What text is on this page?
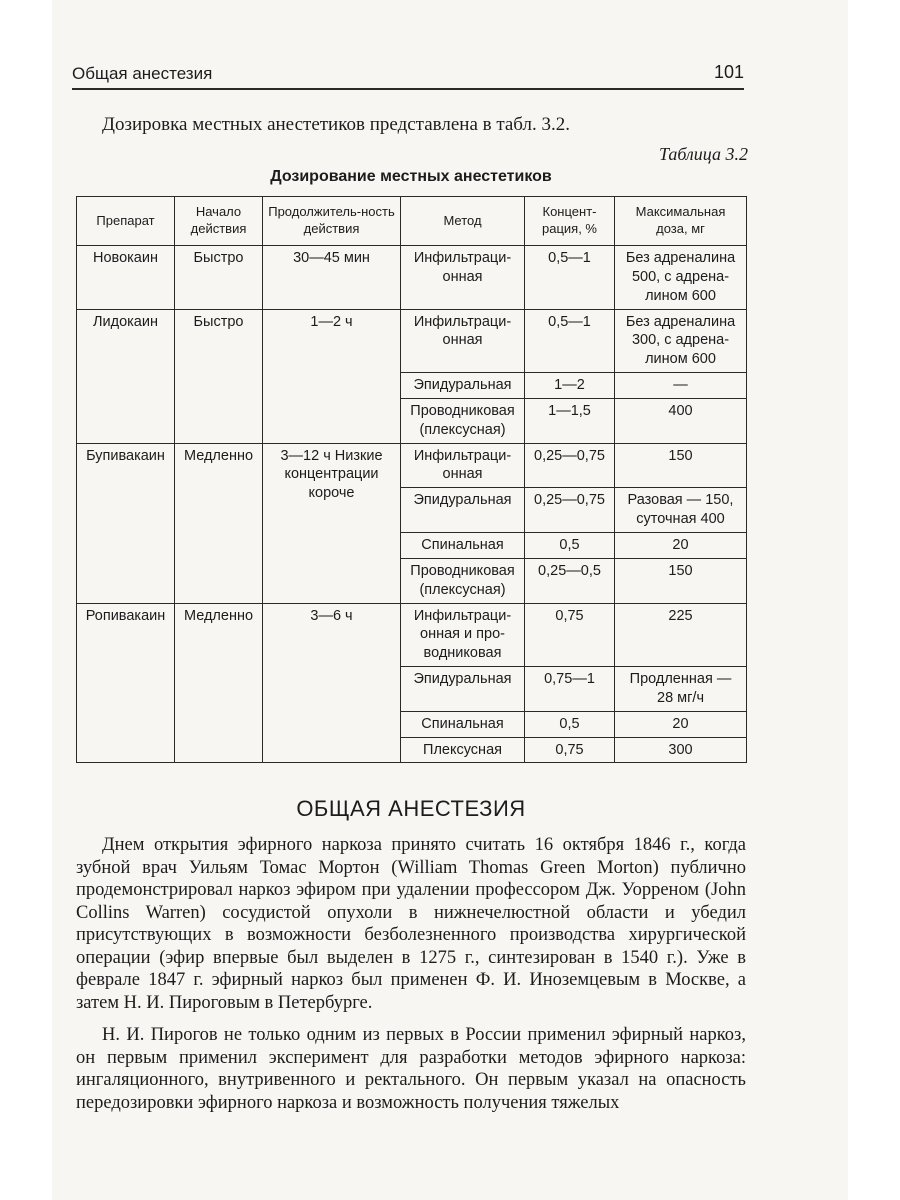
Общая анестезия	101
Дозировка местных анестетиков представлена в табл. 3.2.
Таблица 3.2
Дозирование местных анестетиков
Препарат	Начало действия	Продолжитель-ность действия	Метод	Концент-рация, %	Максимальная доза, мг
Новокаин	Быстро	30—45 мин	Инфильтраци-онная	0,5—1	Без адреналина 500, с адрена-лином 600
Лидокаин	Быстро	1—2 ч	Инфильтраци-онная	0,5—1	Без адреналина 300, с адрена-лином 600
			Эпидуральная	1—2	—
			Проводниковая (плексусная)	1—1,5	400
Бупивакаин	Медленно	3—12 ч Низкие концентрации короче	Инфильтраци-онная	0,25—0,75	150
			Эпидуральная	0,25—0,75	Разовая — 150, суточная 400
			Спинальная	0,5	20
			Проводниковая (плексусная)	0,25—0,5	150
Ропивакаин	Медленно	3—6 ч	Инфильтраци-онная и про-водниковая	0,75	225
			Эпидуральная	0,75—1	Продленная — 28 мг/ч
			Спинальная	0,5	20
			Плексусная	0,75	300
ОБЩАЯ АНЕСТЕЗИЯ

Днем открытия эфирного наркоза принято считать 16 октября 1846 г., когда зубной врач Уильям Томас Мортон (William Thomas Green Morton) публично продемонстрировал наркоз эфиром при удалении профессором Дж. Уорреном (John Collins Warren) сосудистой опухоли в нижнечелюстной области и убедил присутствующих в возможности безболезненного производства хирургической операции (эфир впервые был выделен в 1275 г., синтезирован в 1540 г.). Уже в феврале 1847 г. эфирный наркоз был применен Ф. И. Иноземцевым в Москве, а затем Н. И. Пироговым в Петербурге.

Н. И. Пирогов не только одним из первых в России применил эфирный наркоз, он первым применил эксперимент для разработки методов эфирного наркоза: ингаляционного, внутривенного и ректального. Он первым указал на опасность передозировки эфирного наркоза и возможность получения тяжелых
